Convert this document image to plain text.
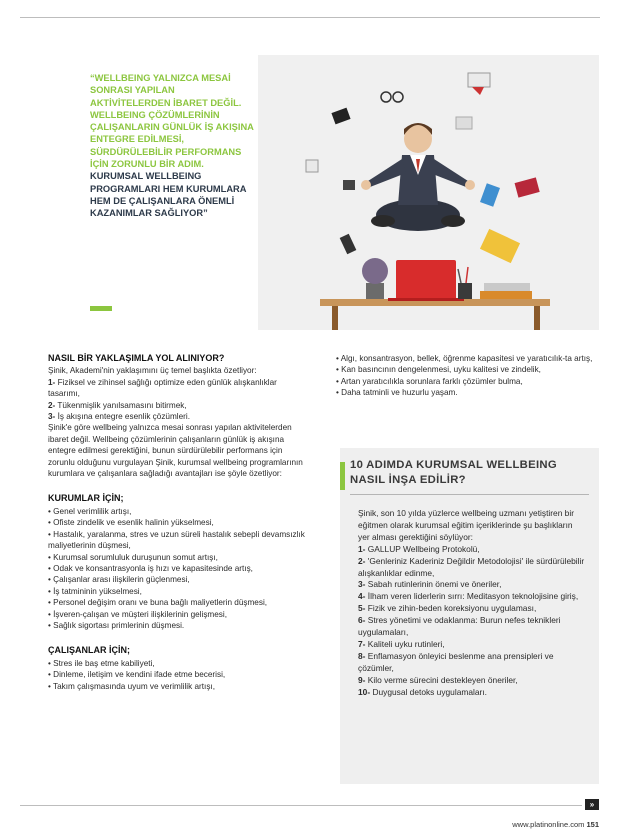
“WELLBEING YALNIZCA MESAİ SONRASI YAPILAN AKTİVİTELERDEN İBARET DEĞİL. WELLBEING ÇÖZÜMLERİNİN ÇALIŞANLARIN GÜNLÜK İŞ AKIŞINA ENTEGRE EDİLMESİ, SÜRDÜRÜLEBİLİR PERFORMANS İÇİN ZORUNLU BİR ADIM. KURUMSAL WELLBEING PROGRAMLARI HEM KURUMLARA HEM DE ÇALIŞANLARA ÖNEMLİ KAZANIMLAR SAĞLIYOR”
NASIL BİR YAKLAŞIMLA YOL ALINIYOR?

Şinik, Akademi'nin yaklaşımını üç temel başlıkta özetliyor:

1- Fiziksel ve zihinsel sağlığı optimize eden günlük alışkanlıklar tasarımı,

2- Tükenmişlik yanılsamasını bitirmek,

3- İş akışına entegre esenlik çözümleri.

Şinik'e göre wellbeing yalnızca mesai sonrası yapılan aktivitelerden ibaret değil. Wellbeing çözümlerinin çalışanların günlük iş akışına entegre edilmesi gerektiğini, bunun sürdürülebilir performans için zorunlu olduğunu vurgulayan Şinik, kurumsal wellbeing programlarının kurumlara ve çalışanlara sağladığı avantajları ise şöyle özetliyor:

KURUMLAR İÇİN;
• Genel verimlilik artışı,
• Ofiste zindelik ve esenlik halinin yükselmesi,
• Hastalık, yaralanma, stres ve uzun süreli hastalık sebepli devamsızlık maliyetlerinin düşmesi,
• Kurumsal sorumluluk duruşunun somut artışı,
• Odak ve konsantrasyonla iş hızı ve kapasitesinde artış,
• Çalışanlar arası ilişkilerin güçlenmesi,
• İş tatmininin yükselmesi,
• Personel değişim oranı ve buna bağlı maliyetlerin düşmesi,
• İşveren-çalışan ve müşteri ilişkilerinin gelişmesi,
• Sağlık sigortası primlerinin düşmesi.
ÇALIŞANLAR İÇİN;
• Stres ile baş etme kabiliyeti,
• Dinleme, iletişim ve kendini ifade etme becerisi,
• Takım çalışmasında uyum ve verimlilik artışı,
• Algı, konsantrasyon, bellek, öğrenme kapasitesi ve yaratıcılık-ta artış,
• Kan basıncının dengelenmesi, uyku kalitesi ve zindelik,
• Artan yaratıcılıkla sorunlara farklı çözümler bulma,
• Daha tatminli ve huzurlu yaşam.
10 ADIMDA KURUMSAL WELLBEING NASIL İNŞA EDİLİR?

Şinik, son 10 yılda yüzlerce wellbeing uzmanı yetiştiren bir eğitmen olarak kurumsal eğitim içeriklerinde şu başlıkların yer alması gerektiğini söylüyor:

1- GALLUP Wellbeing Protokolü,

2- 'Genleriniz Kaderiniz Değildir Metodolojisi' ile sürdürülebilir alışkanlıklar edinme,

3- Sabah rutinlerinin önemi ve öneriler,

4- İlham veren liderlerin sırrı: Meditasyon teknolojisine giriş,

5- Fizik ve zihin-beden koreksiyonu uygulaması,

6- Stres yönetimi ve odaklanma: Burun nefes teknikleri uygulamaları,

7- Kaliteli uyku rutinleri,

8- Enflamasyon önleyici beslenme ana prensipleri ve çözümler,

9- Kilo verme sürecini destekleyen öneriler,

10- Duygusal detoks uygulamaları.

»
www.platinonline.com 151
